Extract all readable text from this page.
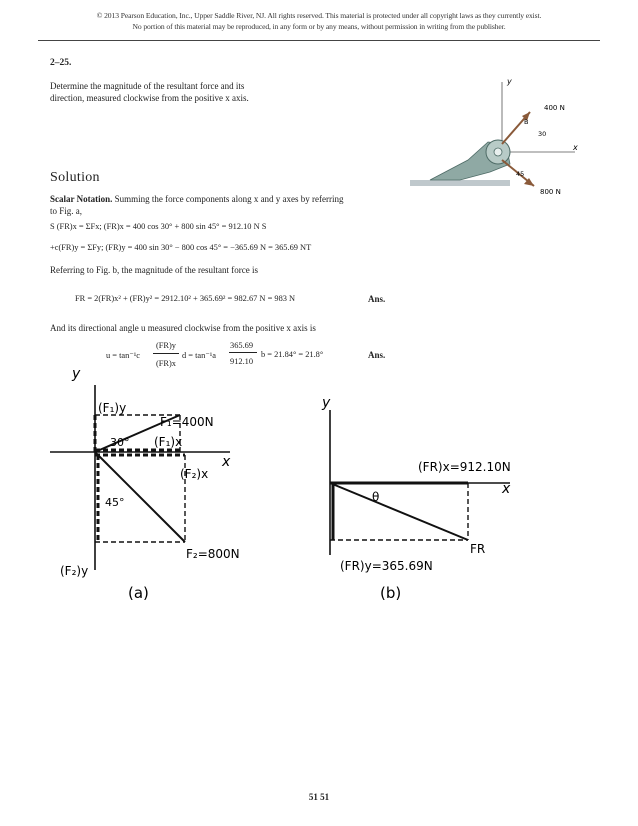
© 2013 Pearson Education, Inc., Upper Saddle River, NJ. All rights reserved. This material is protected under all copyright laws as they currently exist.
No portion of this material may be reproduced, in any form or by any means, without permission in writing from the publisher.
2–25.
Determine the magnitude of the resultant force and its
direction, measured clockwise from the positive x axis.
y
x
B
400 N
30
45
800 N
Solution
Scalar Notation. Summing the force components along x and y axes by referring
to Fig. a,
S (FR)x = ΣFx; (FR)x = 400 cos 30° + 800 sin 45° = 912.10 N S
+c(FR)y = ΣFy; (FR)y = 400 sin 30° − 800 cos 45° = −365.69 N = 365.69 NT
Referring to Fig. b, the magnitude of the resultant force is
FR = 2(FR)x² + (FR)y² = 2912.10² + 365.69² = 982.67 N = 983 N	Ans.
And its directional angle u measured clockwise from the positive x axis is
u = tan⁻¹c
(FR)y
(FR)x
d = tan⁻¹a
365.69
912.10
b = 21.84° = 21.8°	Ans.
y
x
(F₁)y
F₁=400N
(F₁)x
30°
(F₂)x
45°
F₂=800N
(F₂)y
(a)
y
x
(FR)x=912.10N
θ
FR
(FR)y=365.69N
(b)
51 51
